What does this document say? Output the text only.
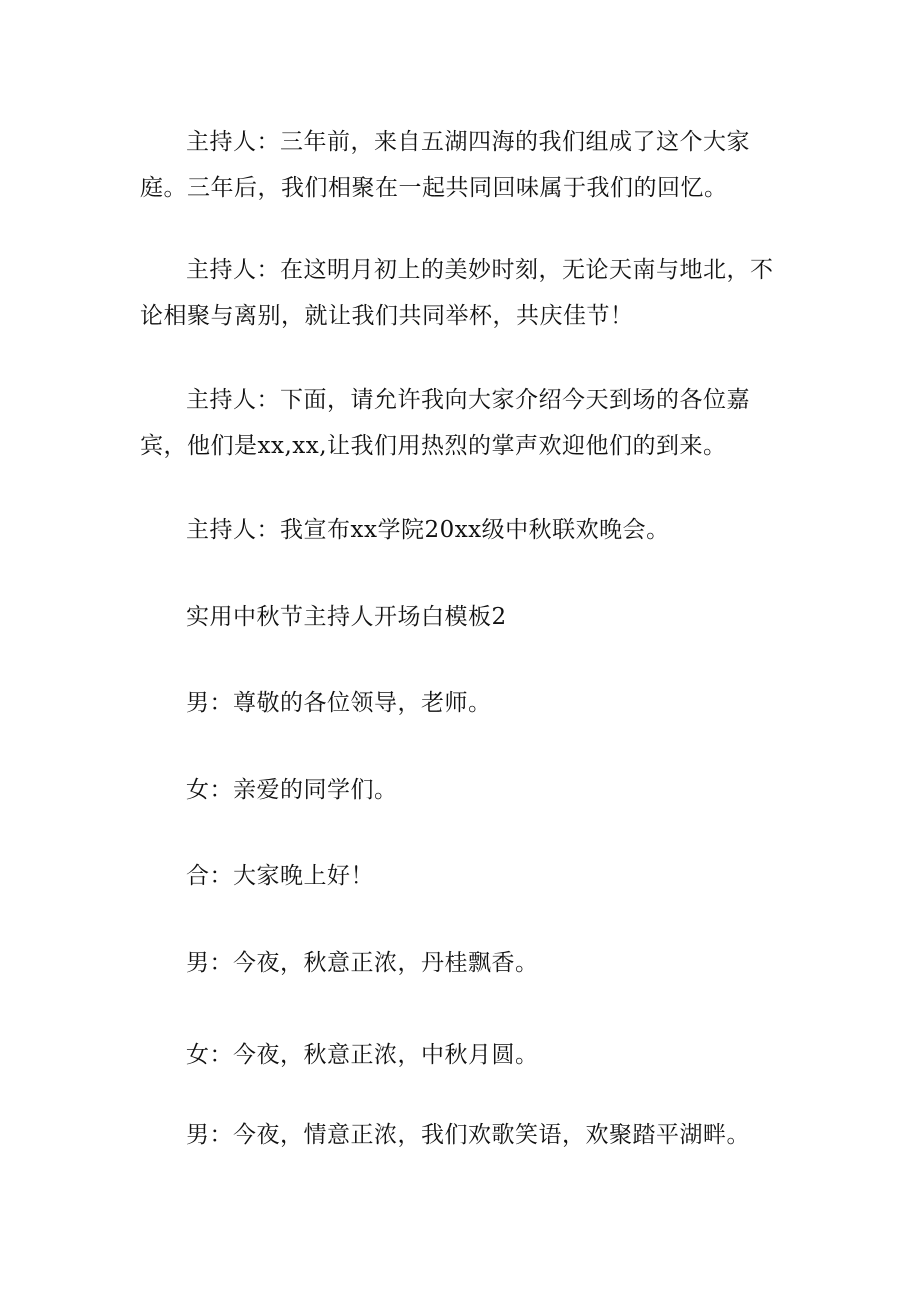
主持人：三年前，来自五湖四海的我们组成了这个大家庭。三年后，我们相聚在一起共同回味属于我们的回忆。

主持人：在这明月初上的美妙时刻，无论天南与地北，不论相聚与离别，就让我们共同举杯，共庆佳节！

主持人：下面，请允许我向大家介绍今天到场的各位嘉宾，他们是xx,xx,让我们用热烈的掌声欢迎他们的到来。

主持人：我宣布xx学院20xx级中秋联欢晚会。

实用中秋节主持人开场白模板2

男：尊敬的各位领导，老师。

女：亲爱的同学们。

合：大家晚上好！

男：今夜，秋意正浓，丹桂飘香。

女：今夜，秋意正浓，中秋月圆。

男：今夜，情意正浓，我们欢歌笑语，欢聚踏平湖畔。
